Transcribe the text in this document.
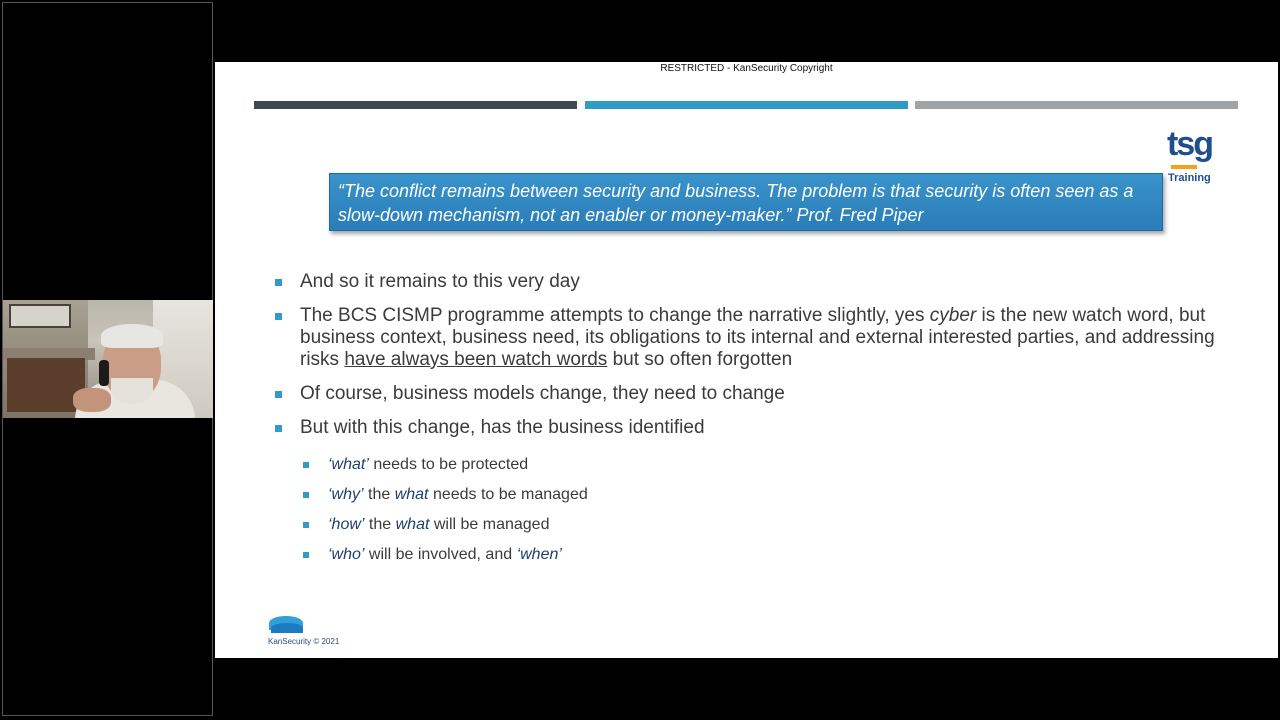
RESTRICTED - KanSecurity Copyright
tsg
Training

“The conflict remains between security and business. The problem is that security is often seen as a slow-down mechanism, not an enabler or money-maker.” Prof. Fred Piper

And so it remains to this very day
The BCS CISMP programme attempts to change the narrative slightly, yes cyber is the new watch word, but business context, business need, its obligations to its internal and external interested parties, and addressing risks have always been watch words but so often forgotten
Of course, business models change, they need to change
But with this change, has the business identified
‘what’ needs to be protected
‘why’ the what needs to be managed
‘how’ the what will be managed
‘who’ will be involved, and ‘when’
KanSecurity © 2021
